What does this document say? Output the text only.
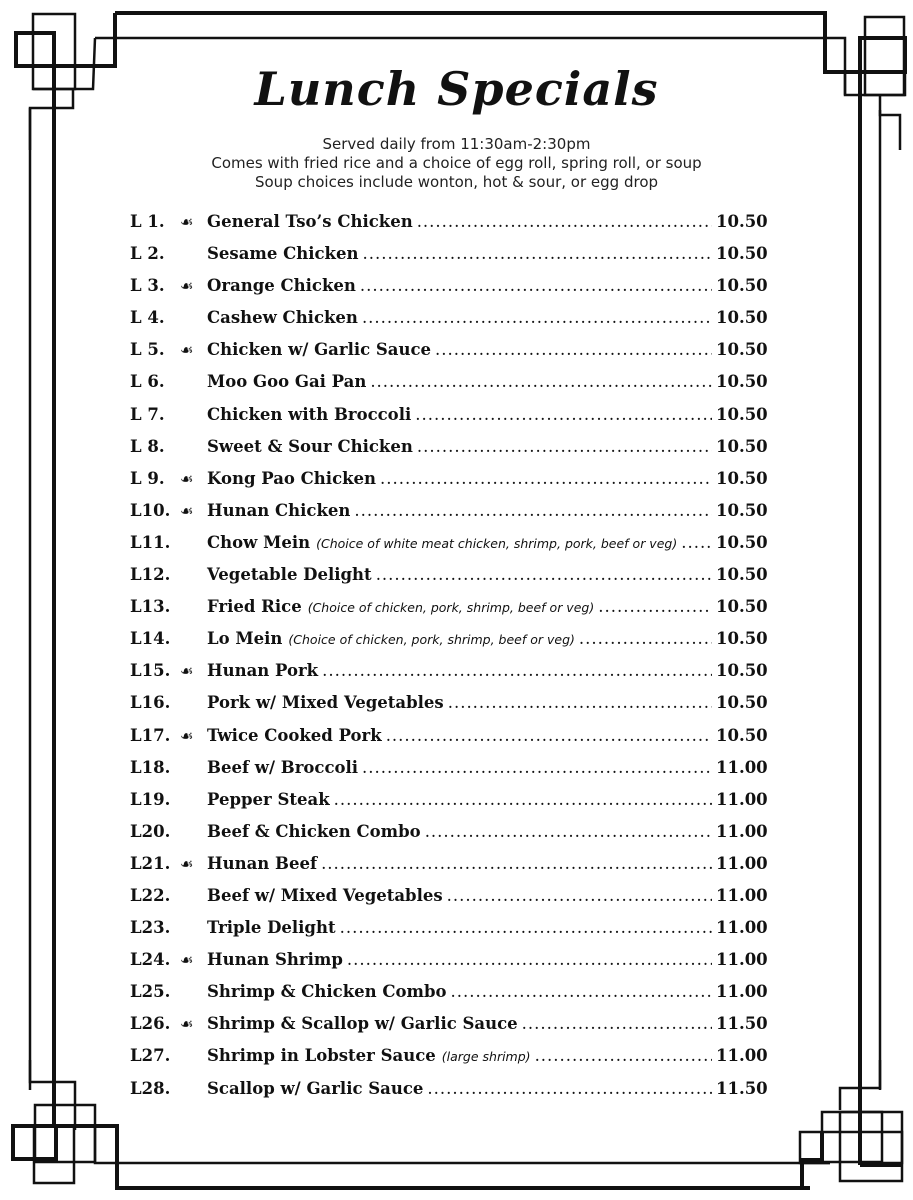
Lunch Specials
Served daily from 11:30am-2:30pm
Comes with fried rice and a choice of egg roll, spring roll, or soup
Soup choices include wonton, hot & sour, or egg drop
L 1.	☙ General Tso’s Chicken .....	10.50
L 2.	Sesame Chicken .....	10.50
L 3.	☙ Orange Chicken .....	10.50
L 4.	Cashew Chicken .....	10.50
L 5.	☙ Chicken w/ Garlic Sauce .....	10.50
L 6.	Moo Goo Gai Pan .....	10.50
L 7.	Chicken with Broccoli .....	10.50
L 8.	Sweet & Sour Chicken .....	10.50
L 9.	☙ Kong Pao Chicken .....	10.50
L10. ☙ Hunan Chicken .....	10.50
L11.	Chow Mein (Choice of white meat chicken, shrimp, pork, beef or veg) ..... 10.50
L12.	Vegetable Delight .....	10.50
L13.	Fried Rice (Choice of chicken, pork, shrimp, beef or veg) .....	10.50
L14.	Lo Mein (Choice of chicken, pork, shrimp, beef or veg) .....	10.50
L15. ☙ Hunan Pork .....	10.50
L16.	Pork w/ Mixed Vegetables .....	10.50
L17. ☙ Twice Cooked Pork .....	10.50
L18.	Beef w/ Broccoli .....	11.00
L19.	Pepper Steak .....	11.00
L20.	Beef & Chicken Combo .....	11.00
L21. ☙ Hunan Beef .....	11.00
L22.	Beef w/ Mixed Vegetables .....	11.00
L23.	Triple Delight .....	11.00
L24. ☙ Hunan Shrimp .....	11.00
L25.	Shrimp & Chicken Combo .....	11.00
L26. ☙ Shrimp & Scallop w/ Garlic Sauce .....	11.50
L27.	Shrimp in Lobster Sauce (large shrimp) .....	11.00
L28.	Scallop w/ Garlic Sauce .....	11.50
